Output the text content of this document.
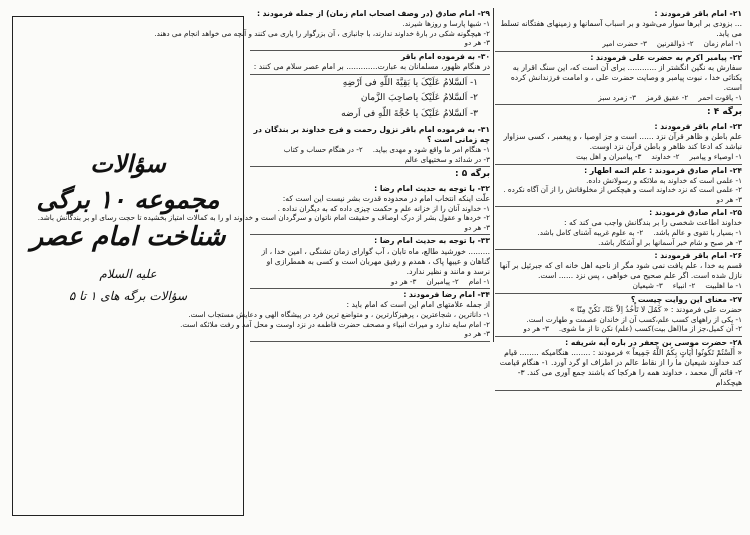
۲۱- امام باقر فرمودند :
... بزودی بر ابرها سوار می‌شود و بر اسباب آسمانها و زمینهای هفتگانه تسلط می یابد.
۱- امام زمان
۲- ذوالقرنین
۳- حضرت امیر
۲۲- پیامبر اکرم به حضرت علی فرمودند :
سفارش به نگین انگشتر از ............ برای آن است که، این سنگ اقرار به یکتائی خدا ، نبوت پیامبر و وصایت حضرت علی ، و امامت فرزندانش کرده است.
۱- یاقوت احمر
۲- عقیق قرمز
۳- زمرد سبز
برگه ۴ :
۲۳- امام باقر فرمودند :
علم باطن و ظاهر قرآن نزد ...... است و جز اوصیا ، و پیغمبر ، کسی سزاوار نباشد که ادعا کند ظاهر و باطن قرآن نزد اوست.
۱- اوصیاء و پیامبر
۲- خداوند
۳- پیامبران و اهل بیت
۲۴- امام صادق فرمودند : علم ائمه اطهار :
۱- علمی است که خداوند به ملائکه و رسولانش داده.
۲- علمی است که نزد خداوند است و هیچکس از مخلوقاتش را از آن آگاه نکرده .
۳- هر دو
۲۵- امام صادق فرمودند :
خداوند اطاعت شخصی را بر بندگانش واجب می کند که :
۱- بسیار با تقوی و عالم باشد.
۲- به علوم غریبه آشنای کامل باشد.
۳- هر صبح و شام خبر آسمانها بر او آشکار باشد.
۲۶- امام باقر فرمودند :
قسم به خدا ، علم یافت نمی شود مگر از ناحیه اهل خانه ای که جبرئیل بر آنها نازل شده است. اگر علم صحیح می خواهی ، پس نزد ...... است.
۱- ما اهلبیت
۲- انبیاء
۳- شیعیان
۲۷- معنای این روایت چیست ؟
حضرت علی فرمودند : « کَمُلَ لا تَأْخُذُ اِلاّ عَنّا، تَکُنْ مِنّا »
۱- یکی از راههای کسب علم،کسب آن از خاندان عصمت و طهارت است.
۲- آن کمیل،جز از ما(اهل بیت)کسب (علم) نکن تا از ما شوی.
۳- هر دو
۲۸- حضرت موسی بن جعفر در باره آیه شریفه :
« أَلَسْتُمْ تَكُونُوا أَيَاتٍ بِكُمُ اللَّهُ جَمِيعاً » فرمودند : ........ هنگامیکه ........ قیام کند خداوند شیعیان ما را از نقاط عالم در اطراف او گرد آورد. ۱- هنگام قیامت ۲- قائم آل محمد ، خداوند همه را هرکجا که باشند جمع آوری می کند. ۳- هیچکدام
۲۹- امام صادق (در وصف اصحاب امام زمان) از جمله فرمودند :
۱- شبها پارسا و روزها شیرند.
۲- هیچگونه شکی در بارۀ خداوند ندارند، با جانبازی ، آن بزرگوار را یاری می کنند و آنچه می خواهد انجام می دهند.
۳- هر دو
۳۰- به فرموده امام باقر
در هنگام ظهور، مسلمانان به عبارت............. بر امام عصر سلام می کنند :
۱- اَلسَّلامُ عَلَیْکَ یا بَقِیَّةَ اللّهِ فی اَرْضِهِ
۲- اَلسَّلامُ عَلَیْکَ یاصاحِبَ الزَّمان
۳- اَلسَّلامُ عَلَیْکَ یا حُجَّةَ اللّهِ فی اَرضه
۳۱- به فرموده امام باقر نزول رحمت و فرج خداوند بر بندگان در چه زمانی است ؟
۱- هنگام امر ما واقع شود و مهدی بیاید.
۲- در هنگام حساب و کتاب
۳- در شدائد و سختیهای عالم
برگه ۵ :
۳۲- با توجه به حدیث امام رضا :
علّت اینکه انتخاب امام در محدوده قدرت بشر نیست این است که:
۱- خداوند آنان را از خزانه علم و حکمت چیزی داده که به دیگران نداده .
۲- خردها و عقول بشر از درک اوصاف و حقیقت امام ناتوان و سرگردان است و خداوند او را به کمالات امتیاز بخشیده تا حجت رسای او بر بندگانش باشد.
۳- هر دو
۳۳- با توجه به حدیث امام رضا :
......... خورشید طالع، ماه تابان ، آب گوارای زمان تشنگی ، امین خدا ، از گناهان و عیبها پاک ، همدم و رفیق مهربان است و کسی به همطرازی او نرسد و مانند و نظیر ندارد.
۱- امام
۲- پیامبران
۳- هر دو
۳۴- امام رضا فرمودند :
از جمله علامتهای امام این است که امام باید :
۱- داناترین ، شجاعترین ، پرهیزکارترین ، و متواضع ترین فرد در پیشگاه الهی و دعایش مستجاب است.
۲- امام سایه ندارد و میراث انبیاء و مصحف حضرت فاطمه در نزد اوست و محل آمد و رفت ملائکه است.
۳- هر دو
سؤالات
مجموعه ۱۰ برگی
شناخت امام عصر
علیه السلام
سؤالات برگه های ۱ تا ۵
